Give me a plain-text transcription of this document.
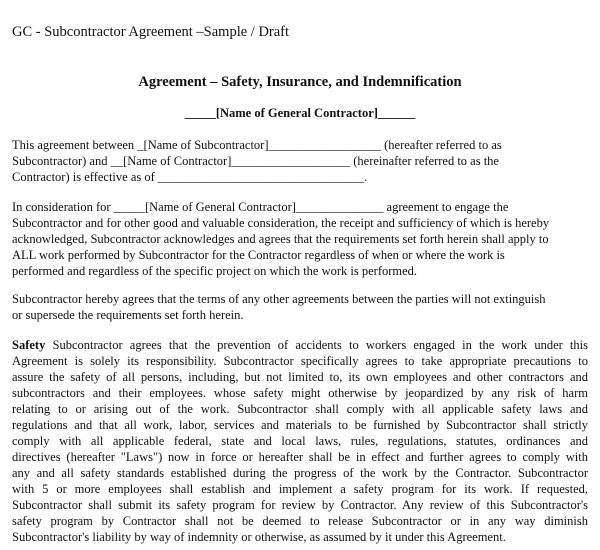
GC - Subcontractor Agreement –Sample / Draft
Agreement – Safety, Insurance, and Indemnification
_____[Name of General Contractor]______
This agreement between _[Name of Subcontractor]__________________ (hereafter referred to as
Subcontractor) and __[Name of Contractor]___________________ (hereinafter referred to as the
Contractor) is effective as of _________________________________.
In consideration for _____[Name of General Contractor]______________ agreement to engage the
Subcontractor and for other good and valuable consideration, the receipt and sufficiency of which is hereby
acknowledged, Subcontractor acknowledges and agrees that the requirements set forth herein shall apply to
ALL work performed by Subcontractor for the Contractor regardless of when or where the work is
performed and regardless of the specific project on which the work is performed.
Subcontractor hereby agrees that the terms of any other agreements between the parties will not extinguish
or supersede the requirements set forth herein.
Safety Subcontractor agrees that the prevention of accidents to workers engaged in the work under this
Agreement is solely its responsibility. Subcontractor specifically agrees to take appropriate precautions to
assure the safety of all persons, including, but not limited to, its own employees and other contractors and
subcontractors and their employees. whose safety might otherwise by jeopardized by any risk of harm
relating to or arising out of the work. Subcontractor shall comply with all applicable safety laws and
regulations and that all work, labor, services and materials to be furnished by Subcontractor shall strictly
comply with all applicable federal, state and local laws, rules, regulations, statutes, ordinances and
directives (hereafter "Laws") now in force or hereafter shall be in effect and further agrees to comply with
any and all safety standards established during the progress of the work by the Contractor. Subcontractor
with 5 or more employees shall establish and implement a safety program for its work. If requested,
Subcontractor shall submit its safety program for review by Contractor. Any review of this Subcontractor's
safety program by Contractor shall not be deemed to release Subcontractor or in any way diminish
Subcontractor's liability by way of indemnity or otherwise, as assumed by it under this Agreement.
